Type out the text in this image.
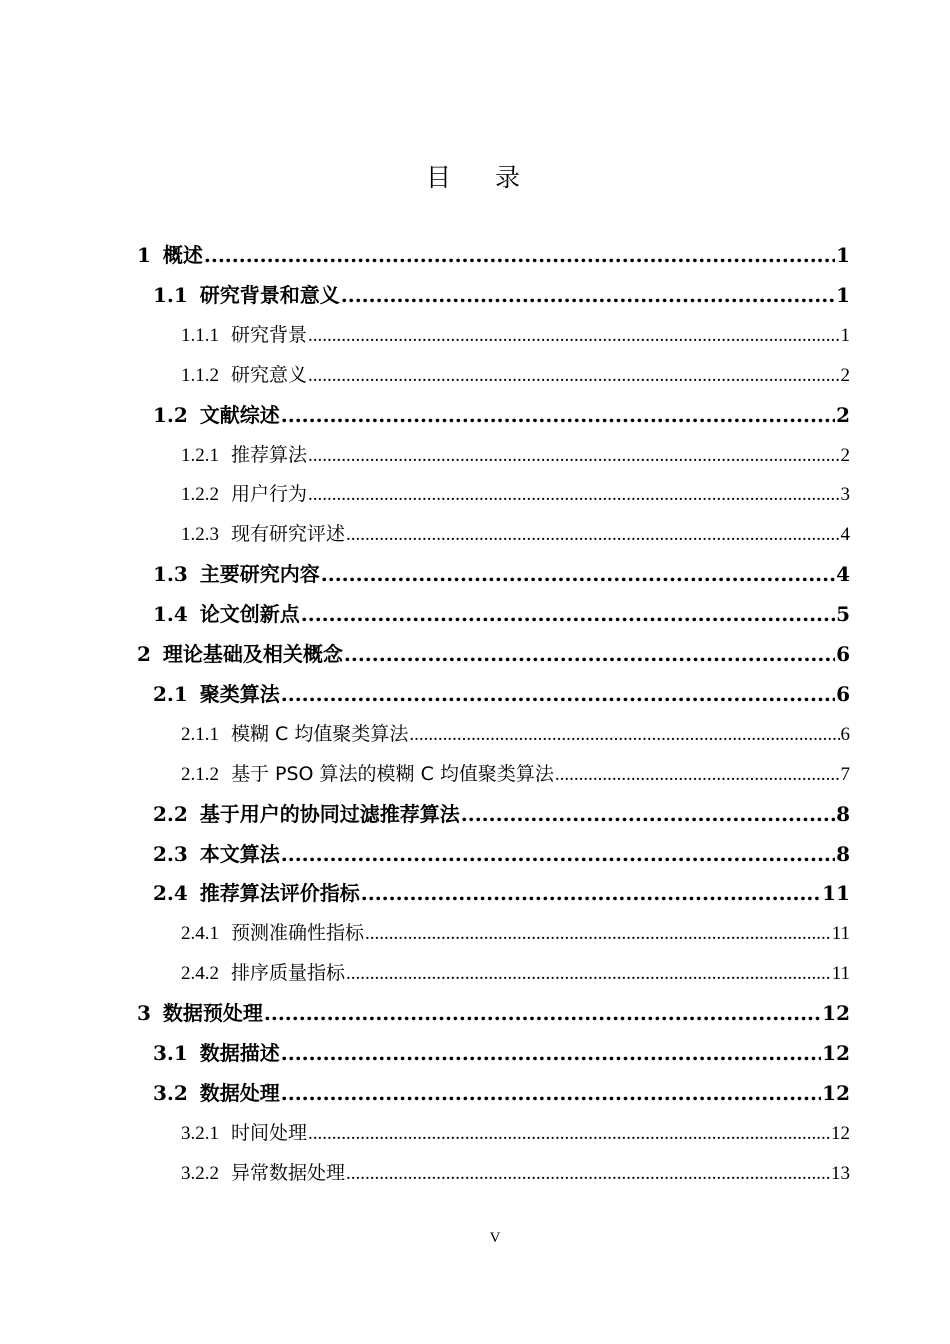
目录
1 概述 .....	1
1.1 研究背景和意义 .....	1
1.1.1 研究背景 .....	1
1.1.2 研究意义 .....	2
1.2 文献综述 .....	2
1.2.1 推荐算法 .....	2
1.2.2 用户行为 .....	3
1.2.3 现有研究评述 .....	4
1.3 主要研究内容 .....	4
1.4 论文创新点 .....	5
2 理论基础及相关概念 .....	6
2.1 聚类算法 .....	6
2.1.1 模糊 C 均值聚类算法 .....	6
2.1.2 基于 PSO 算法的模糊 C 均值聚类算法 .....	7
2.2 基于用户的协同过滤推荐算法 .....	8
2.3 本文算法 .....	8
2.4 推荐算法评价指标 .....	11
2.4.1 预测准确性指标 .....	11
2.4.2 排序质量指标 .....	11
3 数据预处理 .....	12
3.1 数据描述 .....	12
3.2 数据处理 .....	12
3.2.1 时间处理 .....	12
3.2.2 异常数据处理 .....	13
V
